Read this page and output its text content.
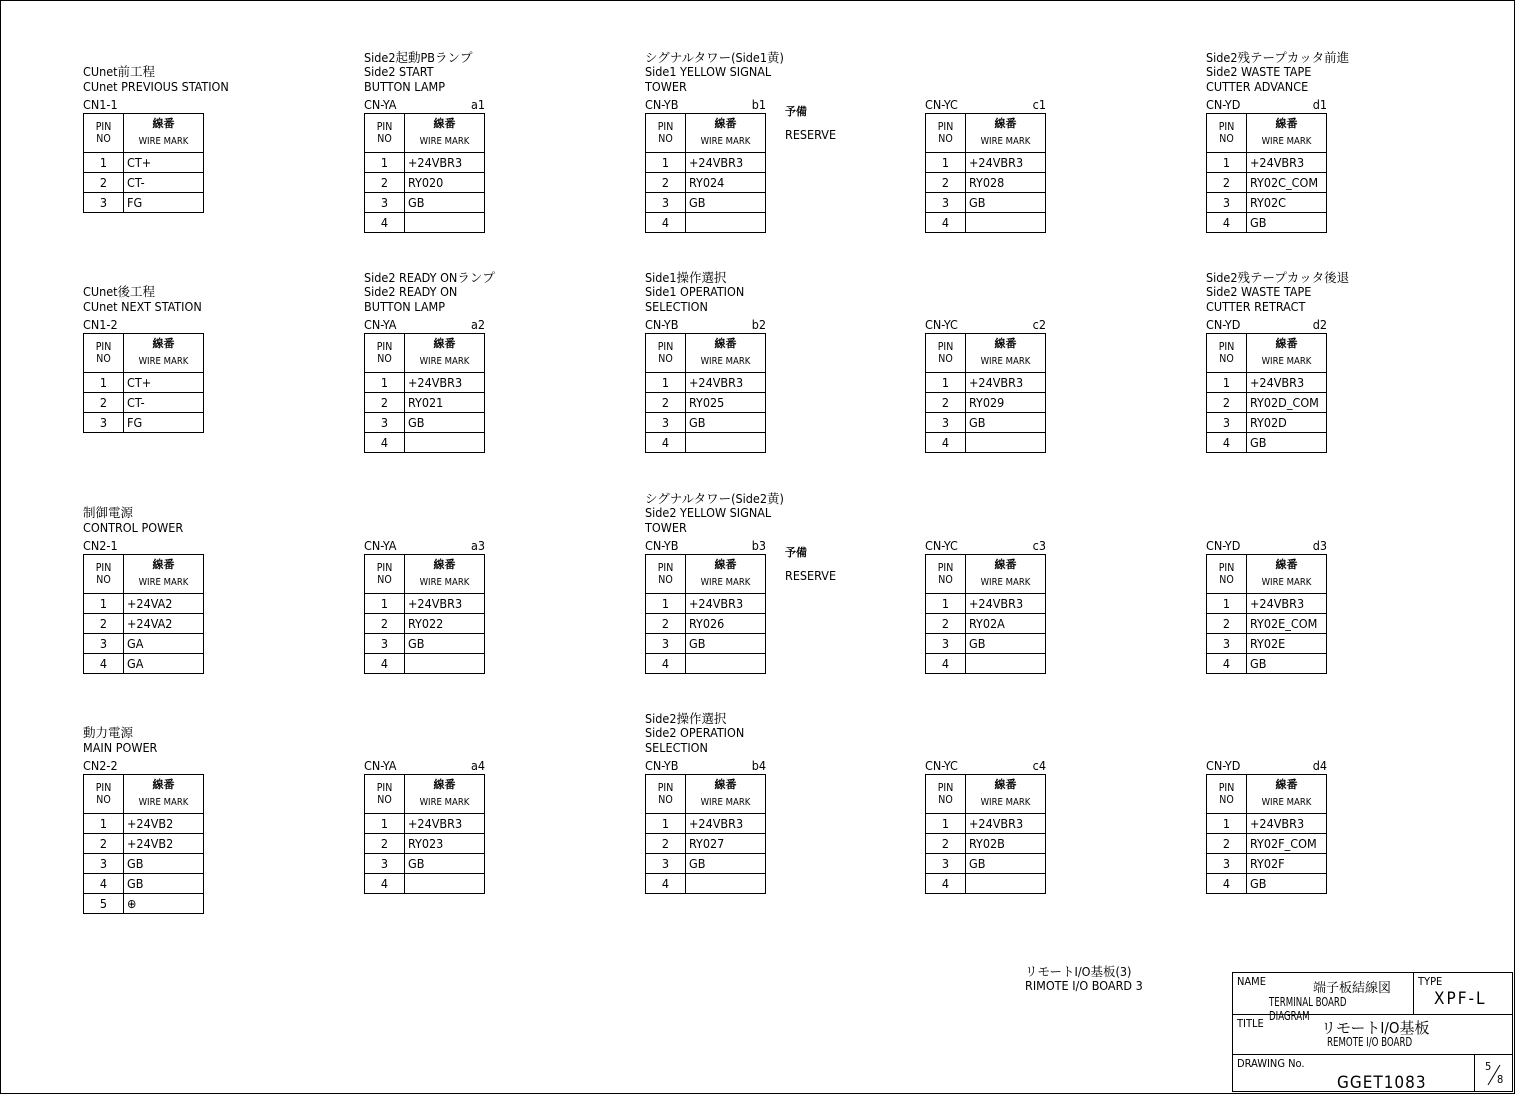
CUnet前工程
CUnet PREVIOUS STATION
CN1-1
PIN
NO	線番
WIRE MARK

1	CT+
2	CT-
3	FG
CUnet後工程
CUnet NEXT STATION
CN1-2
PIN
NO	線番
WIRE MARK

1	CT+
2	CT-
3	FG
制御電源
CONTROL POWER
CN2-1
PIN
NO	線番
WIRE MARK

1	+24VA2
2	+24VA2
3	GA
4	GA
動力電源
MAIN POWER
CN2-2
PIN
NO	線番
WIRE MARK

1	+24VB2
2	+24VB2
3	GB
4	GB
5	⊕
Side2起動PBランプ
Side2 START
BUTTON LAMP
CN-YA	a1
PIN
NO	線番
WIRE MARK

1	+24VBR3
2	RY020
3	GB
4	
Side2 READY ONランプ
Side2 READY ON
BUTTON LAMP
CN-YA	a2
PIN
NO	線番
WIRE MARK

1	+24VBR3
2	RY021
3	GB
4	
CN-YA	a3
PIN
NO	線番
WIRE MARK

1	+24VBR3
2	RY022
3	GB
4	
CN-YA	a4
PIN
NO	線番
WIRE MARK

1	+24VBR3
2	RY023
3	GB
4	
シグナルタワー(Side1黄)
Side1 YELLOW SIGNAL
TOWER
CN-YB	b1
PIN
NO	線番
WIRE MARK

1	+24VBR3
2	RY024
3	GB
4	
Side1操作選択
Side1 OPERATION
SELECTION
CN-YB	b2
PIN
NO	線番
WIRE MARK

1	+24VBR3
2	RY025
3	GB
4	
シグナルタワー(Side2黄)
Side2 YELLOW SIGNAL
TOWER
CN-YB	b3
PIN
NO	線番
WIRE MARK

1	+24VBR3
2	RY026
3	GB
4	
Side2操作選択
Side2 OPERATION
SELECTION
CN-YB	b4
PIN
NO	線番
WIRE MARK

1	+24VBR3
2	RY027
3	GB
4	
CN-YC	c1
PIN
NO	線番
WIRE MARK

1	+24VBR3
2	RY028
3	GB
4	
CN-YC	c2
PIN
NO	線番
WIRE MARK

1	+24VBR3
2	RY029
3	GB
4	
CN-YC	c3
PIN
NO	線番
WIRE MARK

1	+24VBR3
2	RY02A
3	GB
4	
CN-YC	c4
PIN
NO	線番
WIRE MARK

1	+24VBR3
2	RY02B
3	GB
4	
Side2残テープカッタ前進
Side2 WASTE TAPE
CUTTER ADVANCE
CN-YD	d1
PIN
NO	線番
WIRE MARK

1	+24VBR3
2	RY02C_COM
3	RY02C
4	GB
Side2残テープカッタ後退
Side2 WASTE TAPE
CUTTER RETRACT
CN-YD	d2
PIN
NO	線番
WIRE MARK

1	+24VBR3
2	RY02D_COM
3	RY02D
4	GB
CN-YD	d3
PIN
NO	線番
WIRE MARK

1	+24VBR3
2	RY02E_COM
3	RY02E
4	GB
CN-YD	d4
PIN
NO	線番
WIRE MARK

1	+24VBR3
2	RY02F_COM
3	RY02F
4	GB
予備
RESERVE
予備
RESERVE
リモートI/O基板(3)
RIMOTE I/O BOARD 3	NAME	端子板結線図
TERMINAL BOARD DIAGRAM
TYPE
XPF-L
TITLE	リモートI/O基板
REMOTE I/O BOARD
DRAWING No.
GGET1083
5
8
